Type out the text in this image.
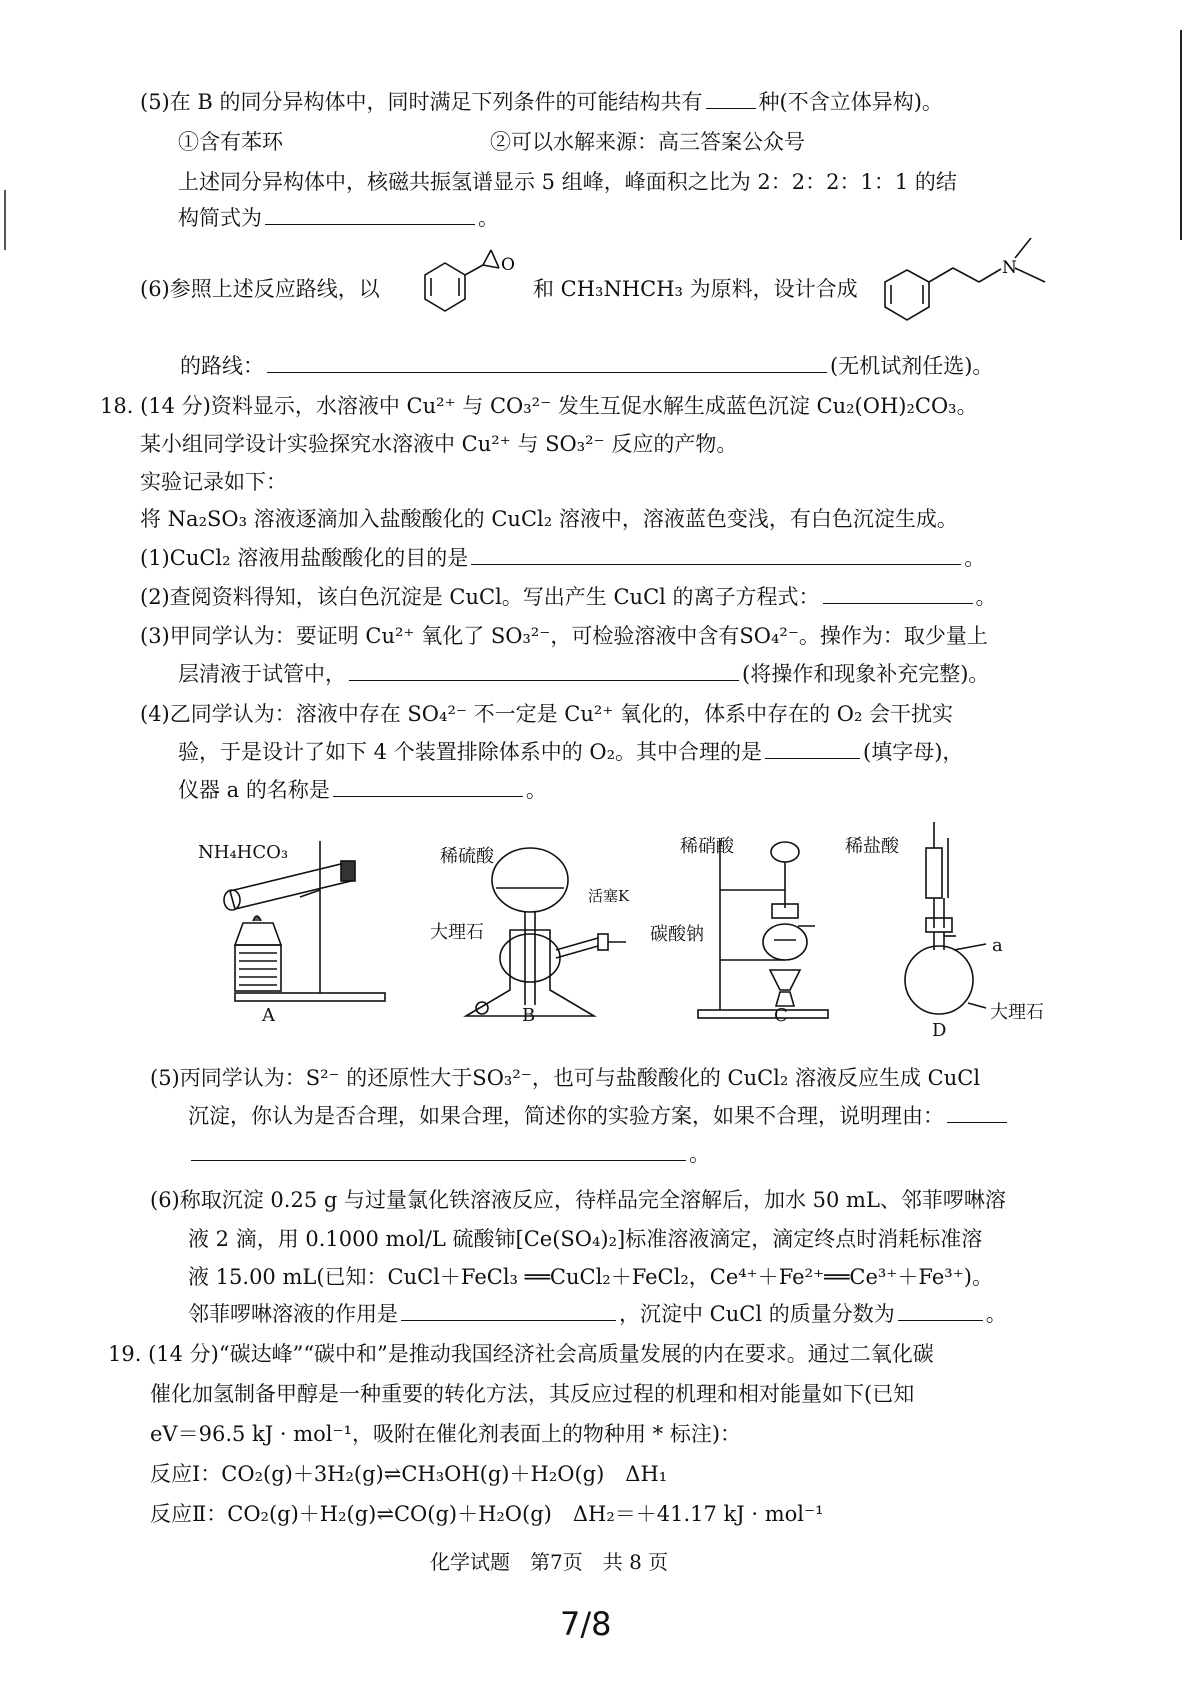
(5)在 B 的同分异构体中，同时满足下列条件的可能结构共有	种(不含立体异构)。
①含有苯环	②可以水解来源：高三答案公众号
上述同分异构体中，核磁共振氢谱显示 5 组峰，峰面积之比为 2：2：2：1：1 的结
构简式为	。
(6)参照上述反应路线，以
O
和 CH₃NHCH₃ 为原料，设计合成
N
的路线：	(无机试剂任选)。
18. (14 分)资料显示，水溶液中 Cu²⁺ 与 CO₃²⁻ 发生互促水解生成蓝色沉淀 Cu₂(OH)₂CO₃。
某小组同学设计实验探究水溶液中 Cu²⁺ 与 SO₃²⁻ 反应的产物。
实验记录如下：
将 Na₂SO₃ 溶液逐滴加入盐酸酸化的 CuCl₂ 溶液中，溶液蓝色变浅，有白色沉淀生成。
(1)CuCl₂ 溶液用盐酸酸化的目的是	。
(2)查阅资料得知，该白色沉淀是 CuCl。写出产生 CuCl 的离子方程式：	。
(3)甲同学认为：要证明 Cu²⁺ 氧化了 SO₃²⁻，可检验溶液中含有SO₄²⁻。操作为：取少量上
层清液于试管中，	(将操作和现象补充完整)。
(4)乙同学认为：溶液中存在 SO₄²⁻ 不一定是 Cu²⁺ 氧化的，体系中存在的 O₂ 会干扰实
验，于是设计了如下 4 个装置排除体系中的 O₂。其中合理的是	(填字母)，
仪器 a 的名称是	。
NH₄HCO₃
A
稀硫酸
大理石
活塞K
B
稀硝酸
碳酸钠
C
稀盐酸
a
大理石
D
(5)丙同学认为：S²⁻ 的还原性大于SO₃²⁻，也可与盐酸酸化的 CuCl₂ 溶液反应生成 CuCl
沉淀，你认为是否合理，如果合理，简述你的实验方案，如果不合理，说明理由：
。
(6)称取沉淀 0.25 g 与过量氯化铁溶液反应，待样品完全溶解后，加水 50 mL、邻菲啰啉溶
液 2 滴，用 0.1000 mol/L 硫酸铈[Ce(SO₄)₂]标准溶液滴定，滴定终点时消耗标准溶
液 15.00 mL(已知：CuCl＋FeCl₃ ══CuCl₂＋FeCl₂，Ce⁴⁺＋Fe²⁺══Ce³⁺＋Fe³⁺)。
邻菲啰啉溶液的作用是	，沉淀中 CuCl 的质量分数为	。
19. (14 分)“碳达峰”“碳中和”是推动我国经济社会高质量发展的内在要求。通过二氧化碳
催化加氢制备甲醇是一种重要的转化方法，其反应过程的机理和相对能量如下(已知
eV＝96.5 kJ · mol⁻¹，吸附在催化剂表面上的物种用 * 标注)：
反应Ⅰ：CO₂(g)＋3H₂(g)⇌CH₃OH(g)＋H₂O(g)　ΔH₁
反应Ⅱ：CO₂(g)＋H₂(g)⇌CO(g)＋H₂O(g)　ΔH₂＝＋41.17 kJ · mol⁻¹
化学试题　第7页　共 8 页
7/8
